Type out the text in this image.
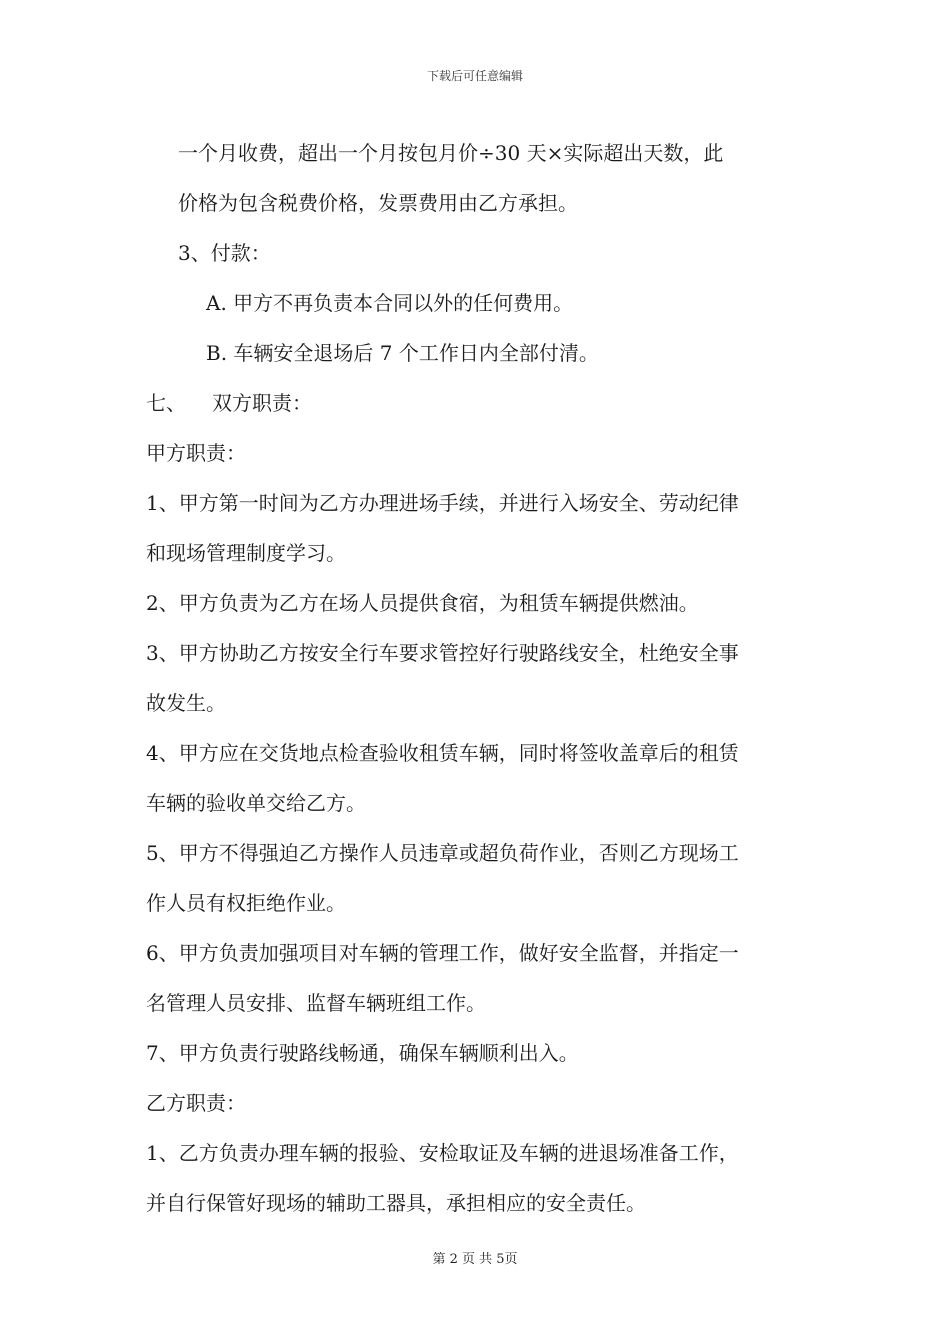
下载后可任意编辑
一个月收费，超出一个月按包月价÷30 天×实际超出天数，此
价格为包含税费价格，发票费用由乙方承担。
3、付款：
A. 甲方不再负责本合同以外的任何费用。
B. 车辆安全退场后 7 个工作日内全部付清。
七、 双方职责：
甲方职责：
1、甲方第一时间为乙方办理进场手续，并进行入场安全、劳动纪律
和现场管理制度学习。
2、甲方负责为乙方在场人员提供食宿，为租赁车辆提供燃油。
3、甲方协助乙方按安全行车要求管控好行驶路线安全，杜绝安全事
故发生。
4、甲方应在交货地点检查验收租赁车辆，同时将签收盖章后的租赁
车辆的验收单交给乙方。
5、甲方不得强迫乙方操作人员违章或超负荷作业，否则乙方现场工
作人员有权拒绝作业。
6、甲方负责加强项目对车辆的管理工作，做好安全监督，并指定一
名管理人员安排、监督车辆班组工作。
7、甲方负责行驶路线畅通，确保车辆顺利出入。
乙方职责：
1、乙方负责办理车辆的报验、安检取证及车辆的进退场准备工作，
并自行保管好现场的辅助工器具，承担相应的安全责任。
第 2 页 共 5页
